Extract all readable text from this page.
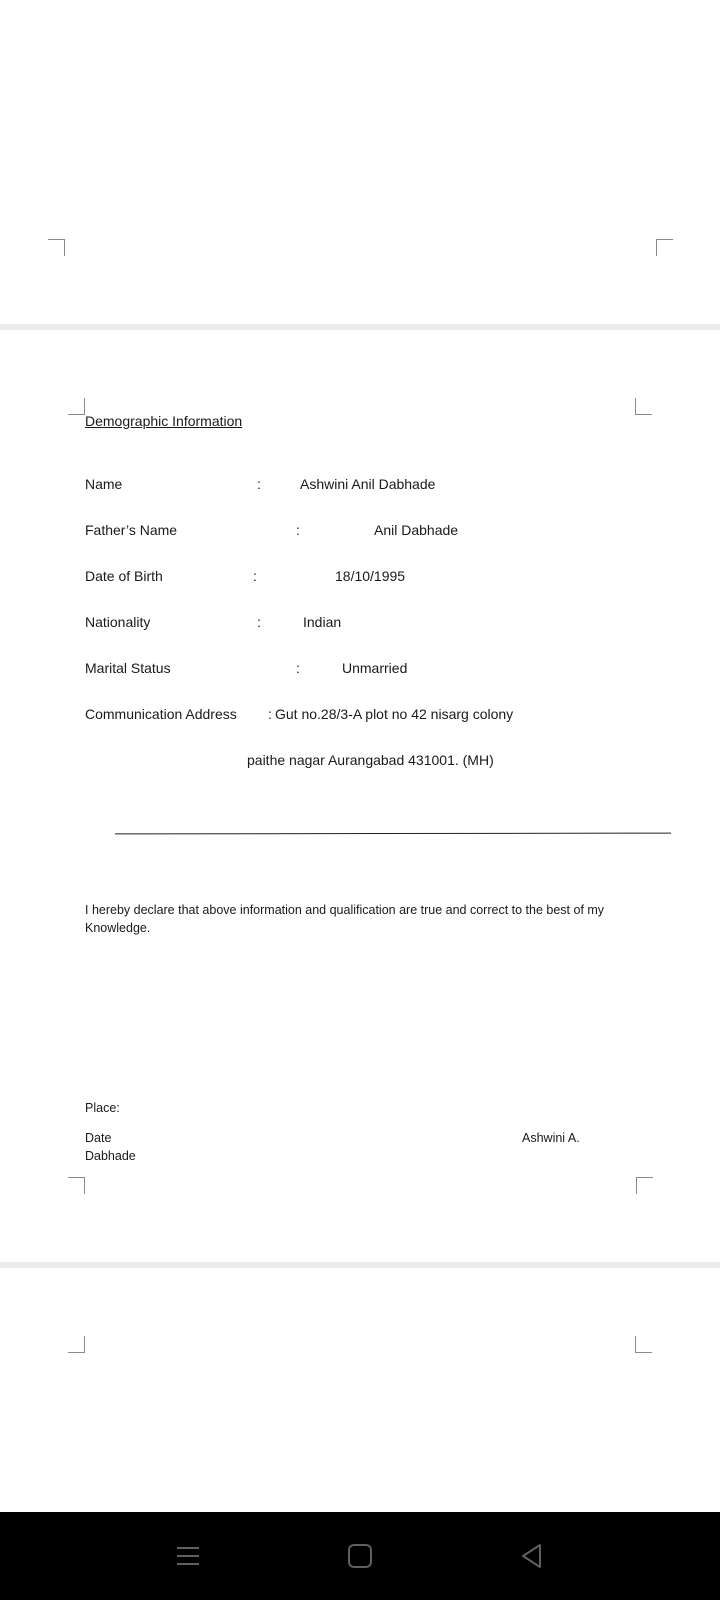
Demographic Information
Name	:	Ashwini Anil Dabhade
Father’s Name	:	Anil Dabhade
Date of Birth	:	18/10/1995
Nationality	:	Indian
Marital Status	:	Unmarried
Communication Address : Gut no.28/3-A plot no 42 nisarg colony
paithe nagar Aurangabad 431001. (MH)
I hereby declare that above information and qualification are true and correct to the best of my
Knowledge.
Place:
Date	Ashwini A.
Dabhade
